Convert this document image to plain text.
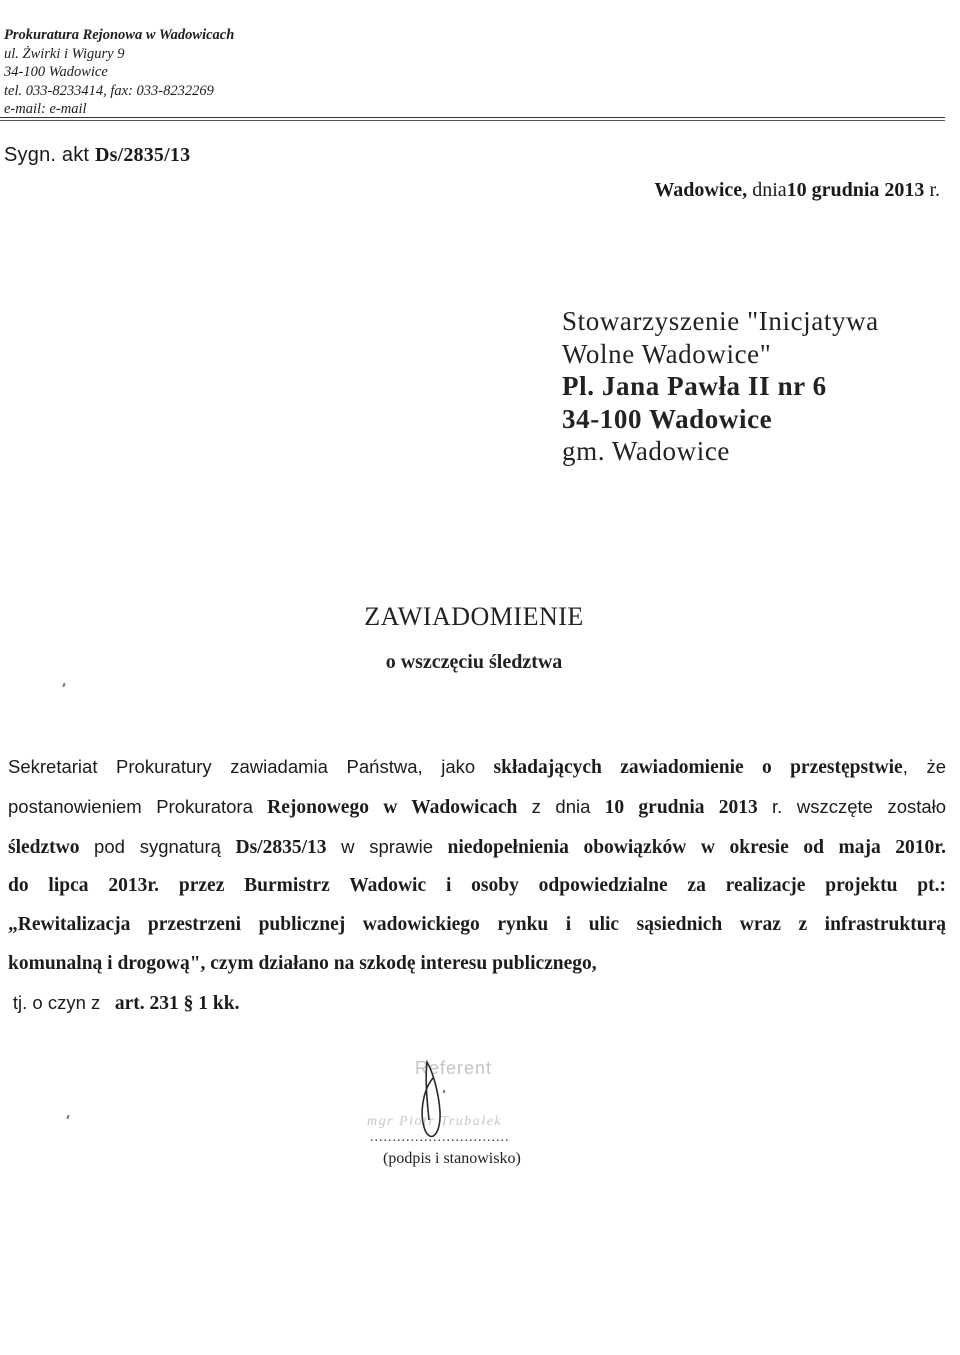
Prokuratura Rejonowa w Wadowicach
ul. Żwirki i Wigury 9
34-100 Wadowice
tel. 033-8233414, fax: 033-8232269
e-mail: e-mail
Sygn. akt Ds/2835/13
Wadowice, dnia10 grudnia 2013 r.
Stowarzyszenie "Inicjatywa
Wolne Wadowice"
Pl. Jana Pawła II nr 6
34-100 Wadowice
gm. Wadowice
ZAWIADOMIENIE
o wszczęciu śledztwa

Sekretariat Prokuratury zawiadamia Państwa, jako składających zawiadomienie o przestępstwie, że

postanowieniem Prokuratora Rejonowego w Wadowicach z dnia 10 grudnia 2013 r. wszczęte zostało

śledztwo pod sygnaturą Ds/2835/13 w sprawie niedopełnienia obowiązków w okresie od maja 2010r.

do lipca 2013r. przez Burmistrz Wadowic i osoby odpowiedzialne za realizacje projektu pt.:

„Rewitalizacja przestrzeni publicznej wadowickiego rynku i ulic sąsiednich wraz z infrastrukturą

komunalną i drogową", czym działano na szkodę interesu publicznego,

tj. o czyn z art. 231 § 1 kk.

Referent
mgr Piotr Trubałek
...............................
(podpis i stanowisko)
